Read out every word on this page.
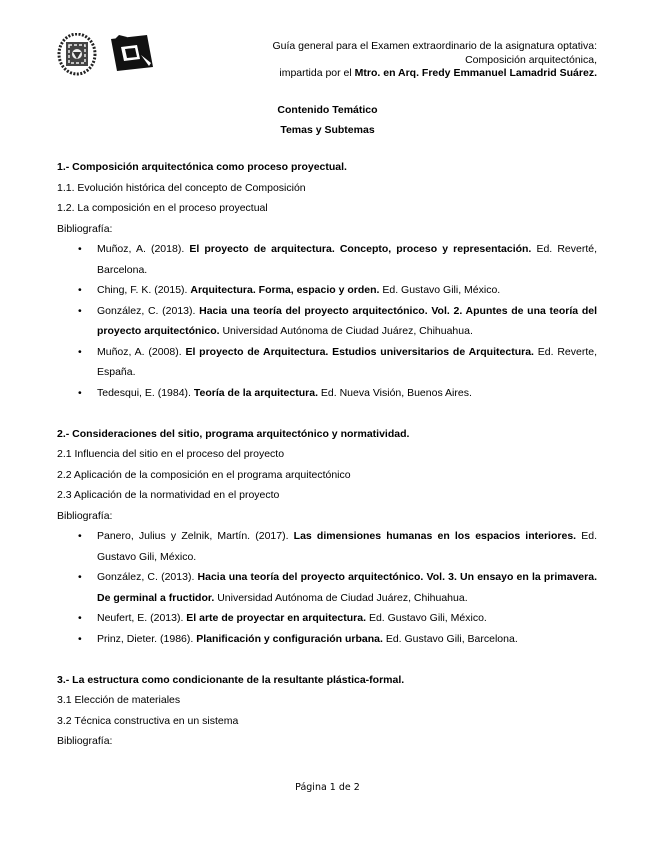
Guía general para el Examen extraordinario de la asignatura optativa:
Composición arquitectónica,
impartida por el Mtro. en Arq. Fredy Emmanuel Lamadrid Suárez.
Contenido Temático
Temas y Subtemas
1.- Composición arquitectónica como proceso proyectual.

1.1. Evolución histórica del concepto de Composición

1.2. La composición en el proceso proyectual

Bibliografía:

• Muñoz, A. (2018). El proyecto de arquitectura. Concepto, proceso y representación. Ed. Reverté, Barcelona.
• Ching, F. K. (2015). Arquitectura. Forma, espacio y orden. Ed. Gustavo Gili, México.
• González, C. (2013). Hacia una teoría del proyecto arquitectónico. Vol. 2. Apuntes de una teoría del proyecto arquitectónico. Universidad Autónoma de Ciudad Juárez, Chihuahua.
• Muñoz, A. (2008). El proyecto de Arquitectura. Estudios universitarios de Arquitectura. Ed. Reverte, España.
• Tedesqui, E. (1984). Teoría de la arquitectura. Ed. Nueva Visión, Buenos Aires.
2.- Consideraciones del sitio, programa arquitectónico y normatividad.

2.1 Influencia del sitio en el proceso del proyecto

2.2 Aplicación de la composición en el programa arquitectónico

2.3 Aplicación de la normatividad en el proyecto

Bibliografía:

• Panero, Julius y Zelnik, Martín. (2017). Las dimensiones humanas en los espacios interiores. Ed. Gustavo Gili, México.
• González, C. (2013). Hacia una teoría del proyecto arquitectónico. Vol. 3. Un ensayo en la primavera. De germinal a fructidor. Universidad Autónoma de Ciudad Juárez, Chihuahua.
• Neufert, E. (2013). El arte de proyectar en arquitectura. Ed. Gustavo Gili, México.
• Prinz, Dieter. (1986). Planificación y configuración urbana. Ed. Gustavo Gili, Barcelona.
3.- La estructura como condicionante de la resultante plástica-formal.

3.1 Elección de materiales

3.2 Técnica constructiva en un sistema

Bibliografía:

Página 1 de 2
